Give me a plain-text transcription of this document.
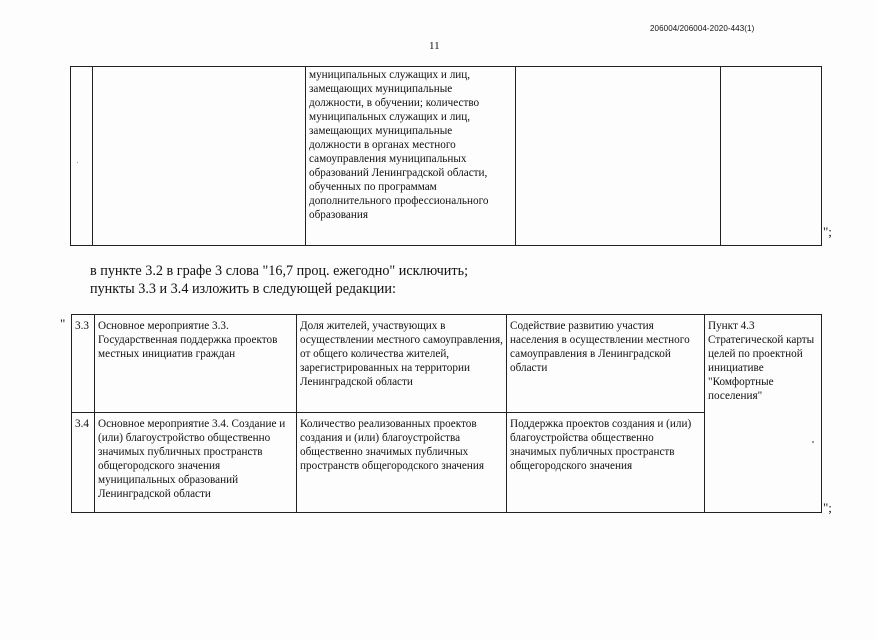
206004/206004-2020-443(1)
11
		муниципальных служащих и лиц, замещающих муниципальные должности, в обучении; количество муниципальных служащих и лиц, замещающих муниципальные должности в органах местного самоуправления муниципальных образований Ленинградской области, обученных по программам дополнительного профессионального образования		
";
в пункте 3.2 в графе 3 слова "16,7 проц. ежегодно" исключить;
пункты 3.3 и 3.4 изложить в следующей редакции:
" 3.3	Основное мероприятие 3.3. Государственная поддержка проектов местных инициатив граждан	Доля жителей, участвующих в осуществлении местного самоуправления, от общего количества жителей, зарегистрированных на территории Ленинградской области	Содействие развитию участия населения в осуществлении местного самоуправления в Ленинградской области	Пункт 4.3 Стратегической карты целей по проектной инициативе "Комфортные поселения"
3.4	Основное мероприятие 3.4. Создание и (или) благоустройство общественно значимых публичных пространств общегородского значения муниципальных образований Ленинградской области	Количество реализованных проектов создания и (или) благоустройства общественно значимых публичных пространств общегородского значения	Поддержка проектов создания и (или) благоустройства общественно значимых публичных пространств общегородского значения	
";
